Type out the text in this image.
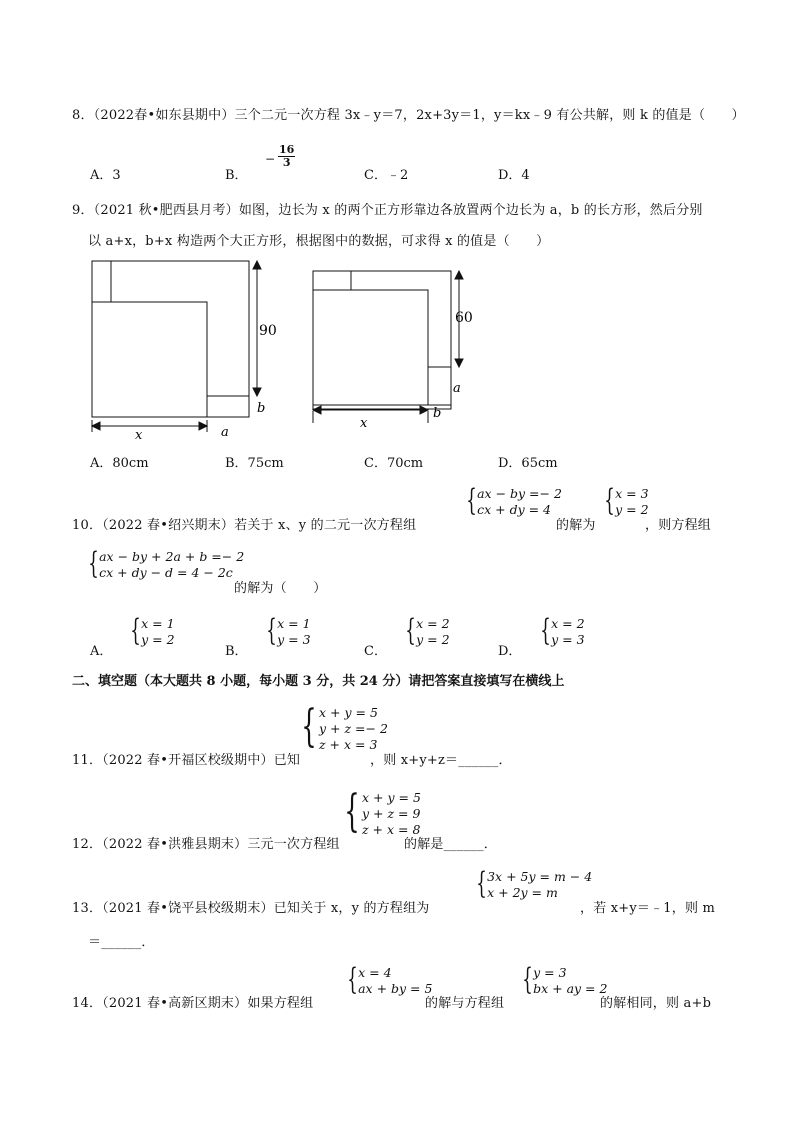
8．（2022春•如东县期中）三个二元一次方程 3x﹣y＝7，2x+3y＝1，y＝kx﹣9 有公共解，则 k 的值是（　　）
A．3	B．
− $\frac{16}{3}$
C．﹣2	D．4
9．（2021 秋•肥西县月考）如图，边长为 x 的两个正方形靠边各放置两个边长为 a，b 的长方形，然后分别
以 a+x，b+x 构造两个大正方形，根据图中的数据，可求得 x 的值是（　　）
90
x	a
b
60
x
a
b
A．80cm	B．75cm	C．70cm	D．65cm
10．（2022 春•绍兴期末）若关于 x、y 的二元一次方程组
{ ax − by =− 2
cx + dy = 4
的解为
{ x = 3
y = 2
，则方程组
{ ax − by + 2a + b =− 2
cx + dy − d = 4 − 2c
的解为（　　）
A．
{ x = 1
y = 2
B．
{ x = 1
y = 3
C．
{ x = 2
y = 2
D．
{ x = 2
y = 3
二、填空题（本大题共 8 小题，每小题 3 分，共 24 分）请把答案直接填写在横线上
11．（2022 春•开福区校级期中）已知
{ x + y = 5
y + z =− 2
z + x = 3
，则 x+y+z＝______．
12．（2022 春•洪雅县期末）三元一次方程组
{ x + y = 5
y + z = 9
z + x = 8
的解是______．
13．（2021 春•饶平县校级期末）已知关于 x，y 的方程组为
{ 3x + 5y = m − 4
x + 2y = m
，若 x+y＝﹣1，则 m
＝______．
14．（2021 春•高新区期末）如果方程组
{ x = 4
ax + by = 5
的解与方程组
{ y = 3
bx + ay = 2
的解相同，则 a+b
